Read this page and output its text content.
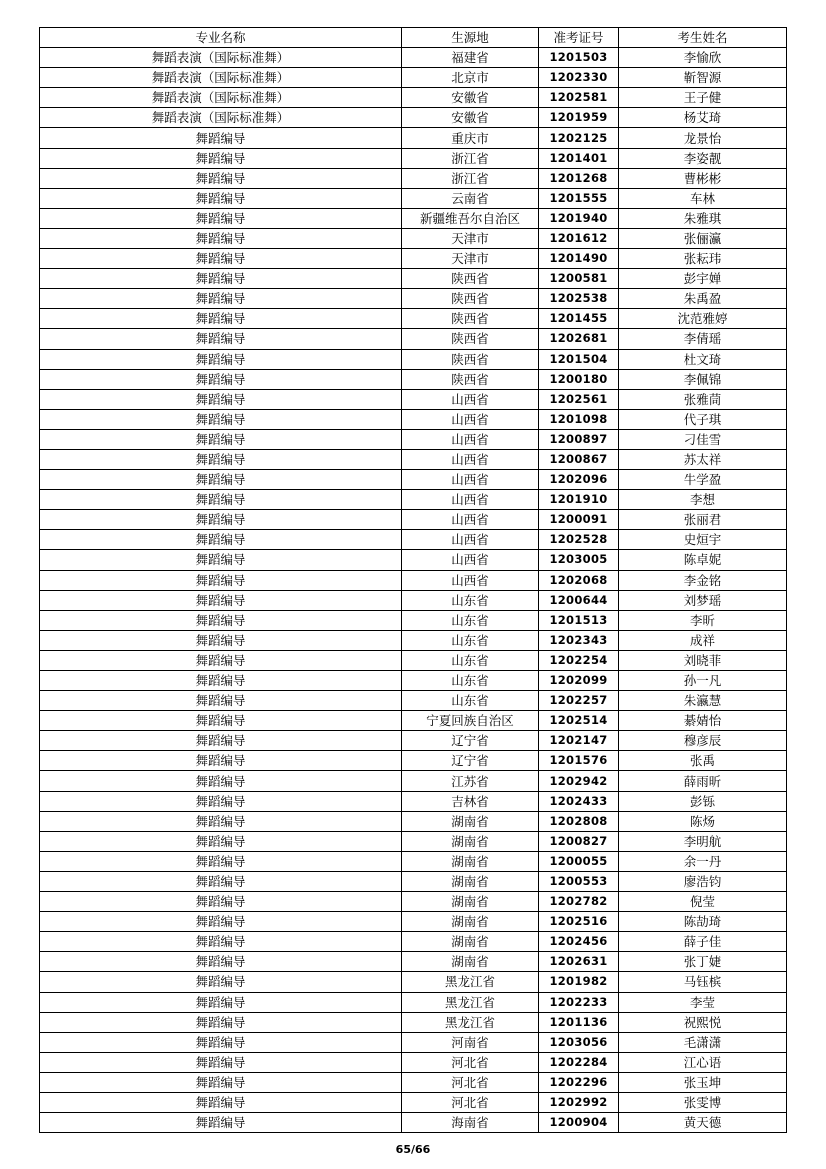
专业名称	生源地	准考证号	考生姓名
舞蹈表演（国际标准舞）	福建省	1201503	李愉欣
舞蹈表演（国际标准舞）	北京市	1202330	靳智源
舞蹈表演（国际标准舞）	安徽省	1202581	王子健
舞蹈表演（国际标准舞）	安徽省	1201959	杨艾琦
舞蹈编导	重庆市	1202125	龙景怡
舞蹈编导	浙江省	1201401	李姿靓
舞蹈编导	浙江省	1201268	曹彬彬
舞蹈编导	云南省	1201555	车林
舞蹈编导	新疆维吾尔自治区	1201940	朱雅琪
舞蹈编导	天津市	1201612	张俪瀛
舞蹈编导	天津市	1201490	张耘玮
舞蹈编导	陕西省	1200581	彭宇婵
舞蹈编导	陕西省	1202538	朱禹盈
舞蹈编导	陕西省	1201455	沈范雅婷
舞蹈编导	陕西省	1202681	李倩瑶
舞蹈编导	陕西省	1201504	杜文琦
舞蹈编导	陕西省	1200180	李佩锦
舞蹈编导	山西省	1202561	张雅茼
舞蹈编导	山西省	1201098	代子琪
舞蹈编导	山西省	1200897	刁佳雪
舞蹈编导	山西省	1200867	苏太祥
舞蹈编导	山西省	1202096	牛学盈
舞蹈编导	山西省	1201910	李想
舞蹈编导	山西省	1200091	张丽君
舞蹈编导	山西省	1202528	史烜宇
舞蹈编导	山西省	1203005	陈卓妮
舞蹈编导	山西省	1202068	李金铭
舞蹈编导	山东省	1200644	刘梦瑶
舞蹈编导	山东省	1201513	李昕
舞蹈编导	山东省	1202343	成祥
舞蹈编导	山东省	1202254	刘晓菲
舞蹈编导	山东省	1202099	孙一凡
舞蹈编导	山东省	1202257	朱瀛慧
舞蹈编导	宁夏回族自治区	1202514	綦婧怡
舞蹈编导	辽宁省	1202147	穆彦辰
舞蹈编导	辽宁省	1201576	张禹
舞蹈编导	江苏省	1202942	薛雨昕
舞蹈编导	吉林省	1202433	彭铄
舞蹈编导	湖南省	1202808	陈炀
舞蹈编导	湖南省	1200827	李明航
舞蹈编导	湖南省	1200055	余一丹
舞蹈编导	湖南省	1200553	廖浩钧
舞蹈编导	湖南省	1202782	倪莹
舞蹈编导	湖南省	1202516	陈劼琦
舞蹈编导	湖南省	1202456	薛子佳
舞蹈编导	湖南省	1202631	张丁婕
舞蹈编导	黑龙江省	1201982	马钰槟
舞蹈编导	黑龙江省	1202233	李莹
舞蹈编导	黑龙江省	1201136	祝熙悦
舞蹈编导	河南省	1203056	毛潇潇
舞蹈编导	河北省	1202284	江心语
舞蹈编导	河北省	1202296	张玉坤
舞蹈编导	河北省	1202992	张雯博
舞蹈编导	海南省	1200904	黄天德
65/66
